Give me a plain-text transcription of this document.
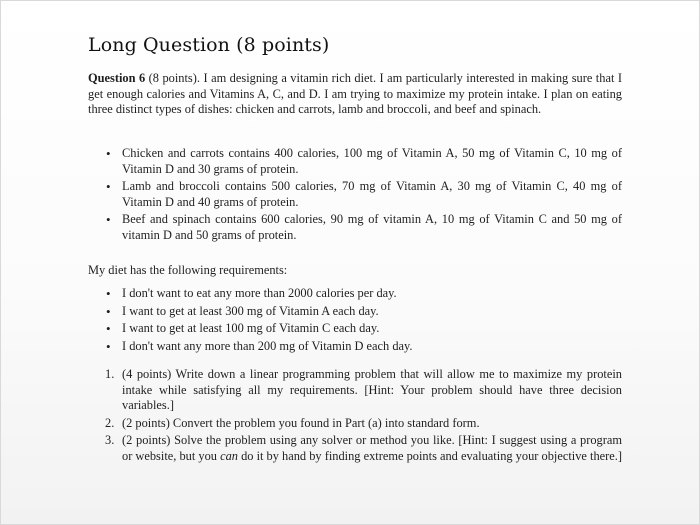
Long Question (8 points)
Question 6 (8 points). I am designing a vitamin rich diet. I am particularly interested in making sure that I get enough calories and Vitamins A, C, and D. I am trying to maximize my protein intake. I plan on eating three distinct types of dishes: chicken and carrots, lamb and broccoli, and beef and spinach.
• Chicken and carrots contains 400 calories, 100 mg of Vitamin A, 50 mg of Vitamin C, 10 mg of Vitamin D and 30 grams of protein.
• Lamb and broccoli contains 500 calories, 70 mg of Vitamin A, 30 mg of Vitamin C, 40 mg of Vitamin D and 40 grams of protein.
• Beef and spinach contains 600 calories, 90 mg of vitamin A, 10 mg of Vitamin C and 50 mg of vitamin D and 50 grams of protein.
My diet has the following requirements:
• I don't want to eat any more than 2000 calories per day.
• I want to get at least 300 mg of Vitamin A each day.
• I want to get at least 100 mg of Vitamin C each day.
• I don't want any more than 200 mg of Vitamin D each day.
1. (4 points) Write down a linear programming problem that will allow me to maximize my protein intake while satisfying all my requirements. [Hint: Your problem should have three decision variables.]
2. (2 points) Convert the problem you found in Part (a) into standard form.
3. (2 points) Solve the problem using any solver or method you like. [Hint: I suggest using a program or website, but you can do it by hand by finding extreme points and evaluating your objective there.]
